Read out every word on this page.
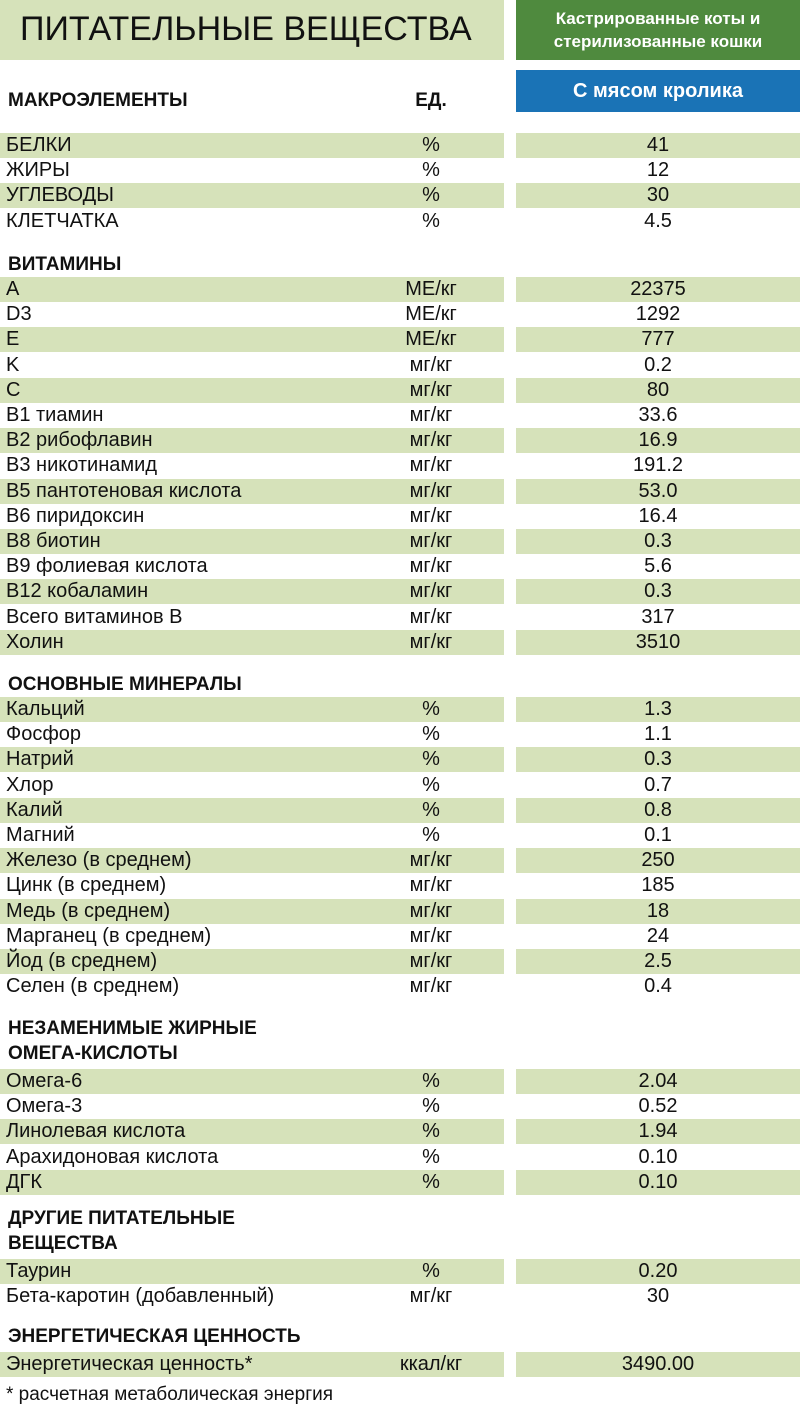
ПИТАТЕЛЬНЫЕ ВЕЩЕСТВА	Кастрированные коты и
стерилизованные кошки
С мясом кролика
МАКРОЭЛЕМЕНТЫ	ЕД.
БЕЛКИ	%	41
ЖИРЫ	%	12
УГЛЕВОДЫ	%	30
КЛЕТЧАТКА	%	4.5
ВИТАМИНЫ
А	МЕ/кг	22375
D3	МЕ/кг	1292
E	МЕ/кг	777
K	мг/кг	0.2
C	мг/кг	80
B1 тиамин	мг/кг	33.6
B2 рибофлавин	мг/кг	16.9
B3 никотинамид	мг/кг	191.2
B5 пантотеновая кислота	мг/кг	53.0
B6 пиридоксин	мг/кг	16.4
B8 биотин	мг/кг	0.3
B9 фолиевая кислота	мг/кг	5.6
B12 кобаламин	мг/кг	0.3
Всего витаминов В	мг/кг	317
Холин	мг/кг	3510
ОСНОВНЫЕ МИНЕРАЛЫ
Кальций	%	1.3
Фосфор	%	1.1
Натрий	%	0.3
Хлор	%	0.7
Калий	%	0.8
Магний	%	0.1
Железо (в среднем)	мг/кг	250
Цинк (в среднем)	мг/кг	185
Медь (в среднем)	мг/кг	18
Марганец (в среднем)	мг/кг	24
Йод (в среднем)	мг/кг	2.5
Селен (в среднем)	мг/кг	0.4
НЕЗАМЕНИМЫЕ ЖИРНЫЕ
ОМЕГА-КИСЛОТЫ
Омега-6	%	2.04
Омега-3	%	0.52
Линолевая кислота	%	1.94
Арахидоновая кислота	%	0.10
ДГК	%	0.10
ДРУГИЕ ПИТАТЕЛЬНЫЕ
ВЕЩЕСТВА
Таурин	%	0.20
Бета-каротин (добавленный)	мг/кг	30
ЭНЕРГЕТИЧЕСКАЯ ЦЕННОСТЬ
Энергетическая ценность*	ккал/кг	3490.00
* расчетная метаболическая энергия
